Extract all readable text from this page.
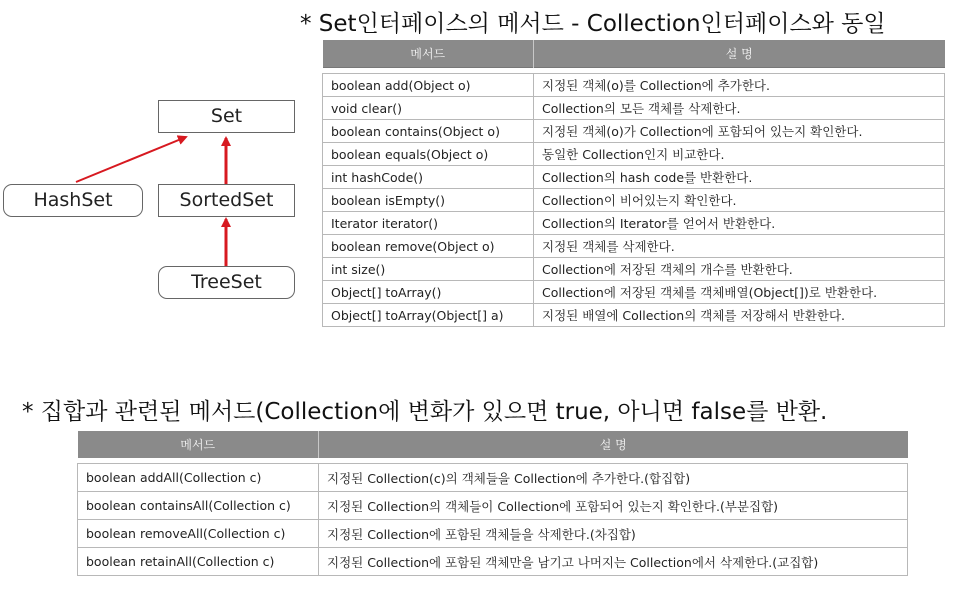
* Set인터페이스의 메서드 - Collection인터페이스와 동일
Set
HashSet	SortedSet
TreeSet
메서드	설 명

boolean add(Object o)	지정된 객체(o)를 Collection에 추가한다.
void clear()	Collection의 모든 객체를 삭제한다.
boolean contains(Object o)	지정된 객체(o)가 Collection에 포함되어 있는지 확인한다.
boolean equals(Object o)	동일한 Collection인지 비교한다.
int hashCode()	Collection의 hash code를 반환한다.
boolean isEmpty()	Collection이 비어있는지 확인한다.
Iterator iterator()	Collection의 Iterator를 얻어서 반환한다.
boolean remove(Object o)	지정된 객체를 삭제한다.
int size()	Collection에 저장된 객체의 개수를 반환한다.
Object[] toArray()	Collection에 저장된 객체를 객체배열(Object[])로 반환한다.
Object[] toArray(Object[] a)	지정된 배열에 Collection의 객체를 저장해서 반환한다.
* 집합과 관련된 메서드(Collection에 변화가 있으면 true, 아니면 false를 반환.
메서드	설 명

boolean addAll(Collection c)	지정된 Collection(c)의 객체들을 Collection에 추가한다.(합집합)
boolean containsAll(Collection c)	지정된 Collection의 객체들이 Collection에 포함되어 있는지 확인한다.(부분집합)
boolean removeAll(Collection c)	지정된 Collection에 포함된 객체들을 삭제한다.(차집합)
boolean retainAll(Collection c)	지정된 Collection에 포함된 객체만을 남기고 나머지는 Collection에서 삭제한다.(교집합)
